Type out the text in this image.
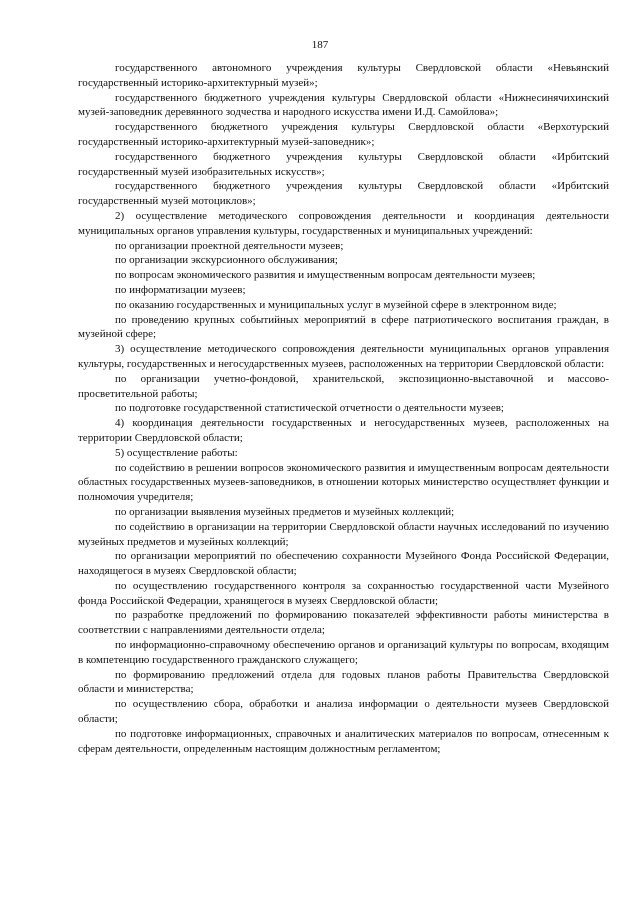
187

государственного автономного учреждения культуры Свердловской области «Невьянский государственный историко-архитектурный музей»;

государственного бюджетного учреждения культуры Свердловской области «Нижнесинячихинский музей-заповедник деревянного зодчества и народного искусства имени И.Д. Самойлова»;

государственного бюджетного учреждения культуры Свердловской области «Верхотурский государственный историко-архитектурный музей-заповедник»;

государственного бюджетного учреждения культуры Свердловской области «Ирбитский государственный музей изобразительных искусств»;

государственного бюджетного учреждения культуры Свердловской области «Ирбитский государственный музей мотоциклов»;

2) осуществление методического сопровождения деятельности и координация деятельности муниципальных органов управления культуры, государственных и муниципальных учреждений:

по организации проектной деятельности музеев;

по организации экскурсионного обслуживания;

по вопросам экономического развития и имущественным вопросам деятельности музеев;

по информатизации музеев;

по оказанию государственных и муниципальных услуг в музейной сфере в электронном виде;

по проведению крупных событийных мероприятий в сфере патриотического воспитания граждан, в музейной сфере;

3) осуществление методического сопровождения деятельности муниципальных органов управления культуры, государственных и негосударственных музеев, расположенных на территории Свердловской области:

по организации учетно-фондовой, хранительской, экспозиционно-выставочной и массово-просветительной работы;

по подготовке государственной статистической отчетности о деятельности музеев;

4) координация деятельности государственных и негосударственных музеев, расположенных на территории Свердловской области;

5) осуществление работы:

по содействию в решении вопросов экономического развития и имущественным вопросам деятельности областных государственных музеев-заповедников, в отношении которых министерство осуществляет функции и полномочия учредителя;

по организации выявления музейных предметов и музейных коллекций;

по содействию в организации на территории Свердловской области научных исследований по изучению музейных предметов и музейных коллекций;

по организации мероприятий по обеспечению сохранности Музейного Фонда Российской Федерации, находящегося в музеях Свердловской области;

по осуществлению государственного контроля за сохранностью государственной части Музейного фонда Российской Федерации, хранящегося в музеях Свердловской области;

по разработке предложений по формированию показателей эффективности работы министерства в соответствии с направлениями деятельности отдела;

по информационно-справочному обеспечению органов и организаций культуры по вопросам, входящим в компетенцию государственного гражданского служащего;

по формированию предложений отдела для годовых планов работы Правительства Свердловской области и министерства;

по осуществлению сбора, обработки и анализа информации о деятельности музеев Свердловской области;

по подготовке информационных, справочных и аналитических материалов по вопросам, отнесенным к сферам деятельности, определенным настоящим должностным регламентом;
